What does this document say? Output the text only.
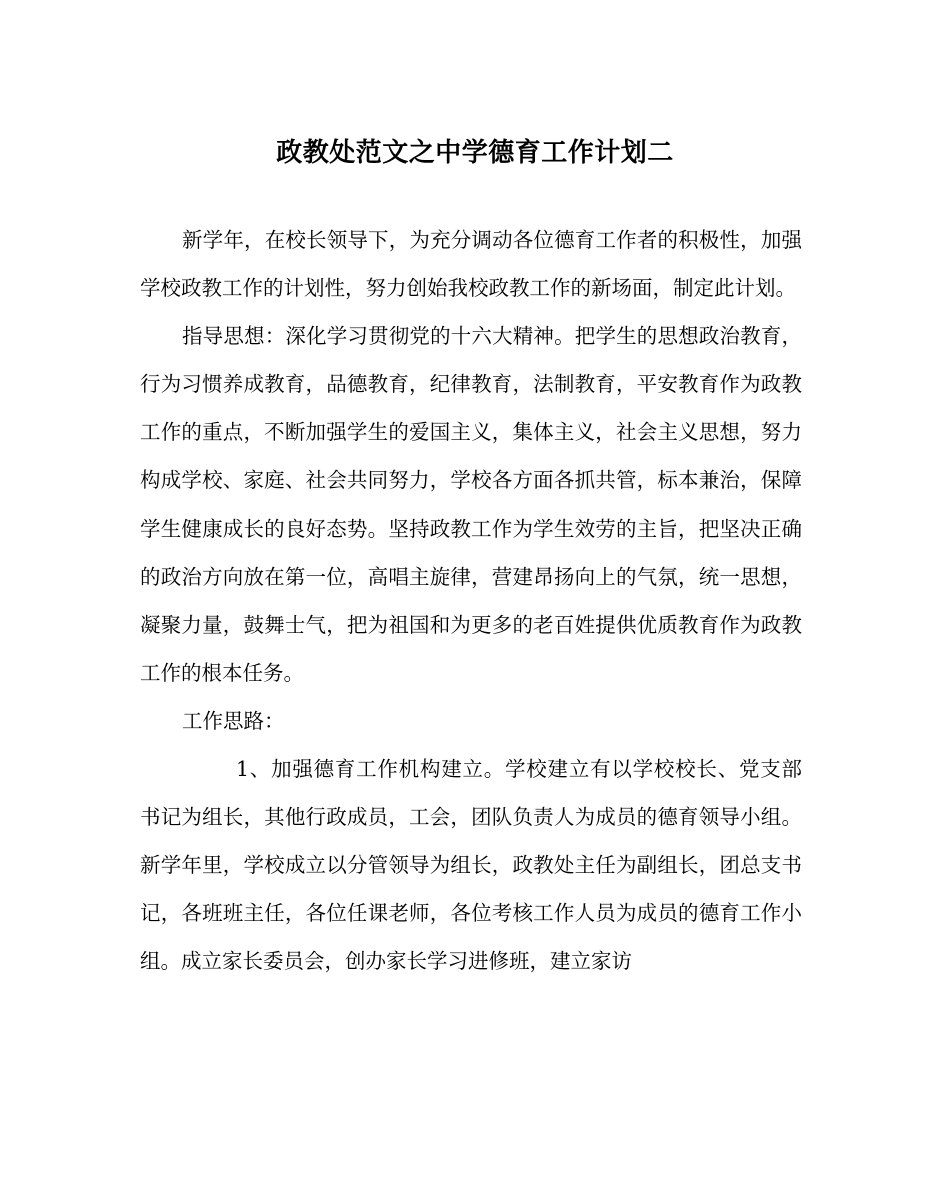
政教处范文之中学德育工作计划二

新学年，在校长领导下，为充分调动各位德育工作者的积极性，加强学校政教工作的计划性，努力创始我校政教工作的新场面，制定此计划。

指导思想：深化学习贯彻党的十六大精神。把学生的思想政治教育，行为习惯养成教育，品德教育，纪律教育，法制教育，平安教育作为政教工作的重点，不断加强学生的爱国主义，集体主义，社会主义思想，努力构成学校、家庭、社会共同努力，学校各方面各抓共管，标本兼治，保障学生健康成长的良好态势。坚持政教工作为学生效劳的主旨，把坚决正确的政治方向放在第一位，高唱主旋律，营建昂扬向上的气氛，统一思想，凝聚力量，鼓舞士气，把为祖国和为更多的老百姓提供优质教育作为政教工作的根本任务。

工作思路：

1、加强德育工作机构建立。学校建立有以学校校长、党支部书记为组长，其他行政成员，工会，团队负责人为成员的德育领导小组。新学年里，学校成立以分管领导为组长，政教处主任为副组长，团总支书记，各班班主任，各位任课老师，各位考核工作人员为成员的德育工作小组。成立家长委员会，创办家长学习进修班，建立家访
